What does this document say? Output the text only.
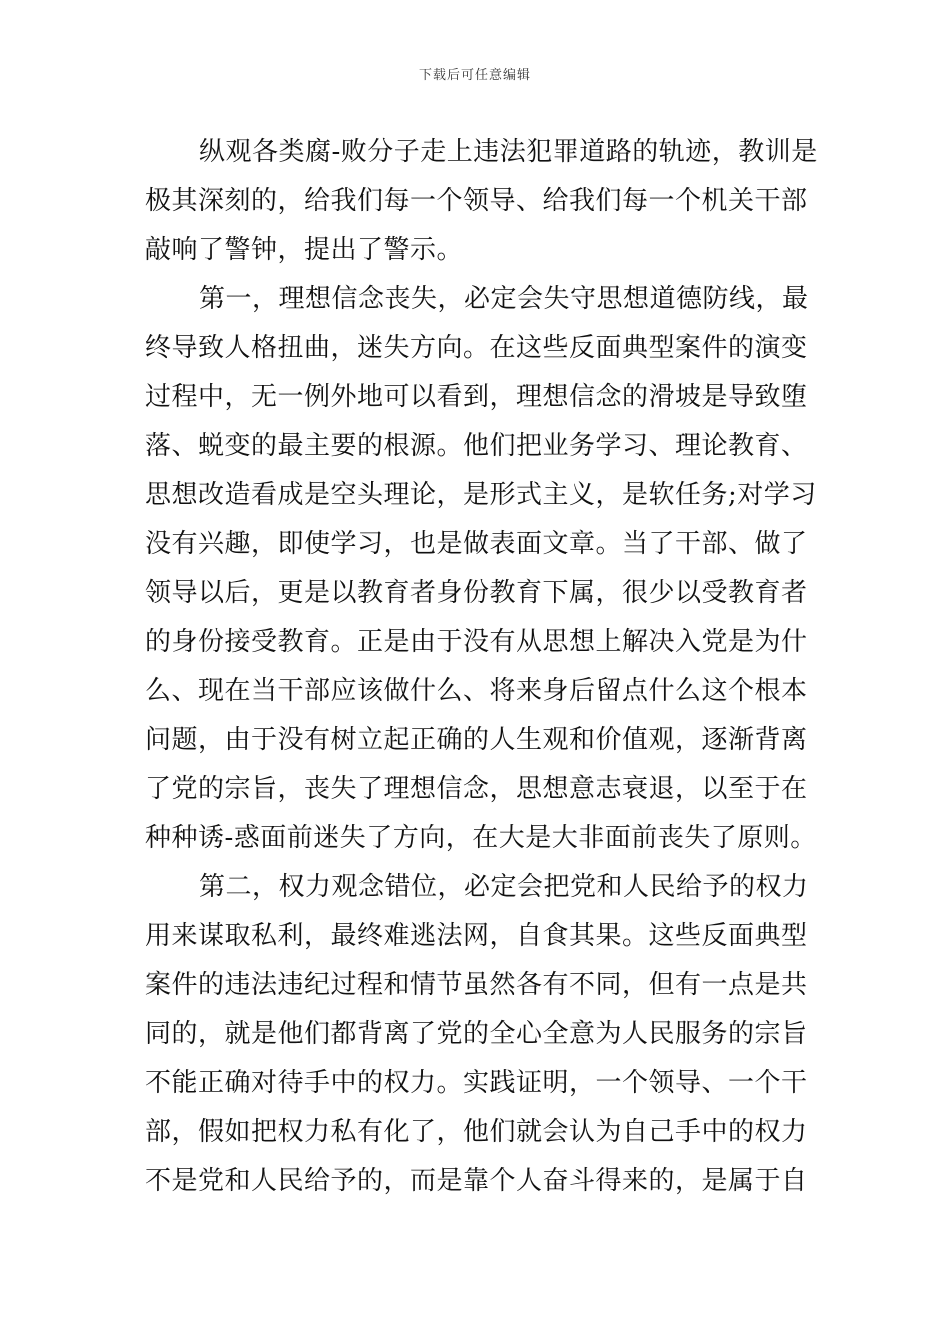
下载后可任意编辑
纵观各类腐-败分子走上违法犯罪道路的轨迹，教训是
极其深刻的，给我们每一个领导、给我们每一个机关干部
敲响了警钟，提出了警示。
第一，理想信念丧失，必定会失守思想道德防线，最
终导致人格扭曲，迷失方向。在这些反面典型案件的演变
过程中，无一例外地可以看到，理想信念的滑坡是导致堕
落、蜕变的最主要的根源。他们把业务学习、理论教育、
思想改造看成是空头理论，是形式主义，是软任务;对学习
没有兴趣，即使学习，也是做表面文章。当了干部、做了
领导以后，更是以教育者身份教育下属，很少以受教育者
的身份接受教育。正是由于没有从思想上解决入党是为什
么、现在当干部应该做什么、将来身后留点什么这个根本
问题，由于没有树立起正确的人生观和价值观，逐渐背离
了党的宗旨，丧失了理想信念，思想意志衰退，以至于在
种种诱-惑面前迷失了方向，在大是大非面前丧失了原则。
第二，权力观念错位，必定会把党和人民给予的权力
用来谋取私利，最终难逃法网，自食其果。这些反面典型
案件的违法违纪过程和情节虽然各有不同，但有一点是共
同的，就是他们都背离了党的全心全意为人民服务的宗旨
不能正确对待手中的权力。实践证明，一个领导、一个干
部，假如把权力私有化了，他们就会认为自己手中的权力
不是党和人民给予的，而是靠个人奋斗得来的，是属于自
